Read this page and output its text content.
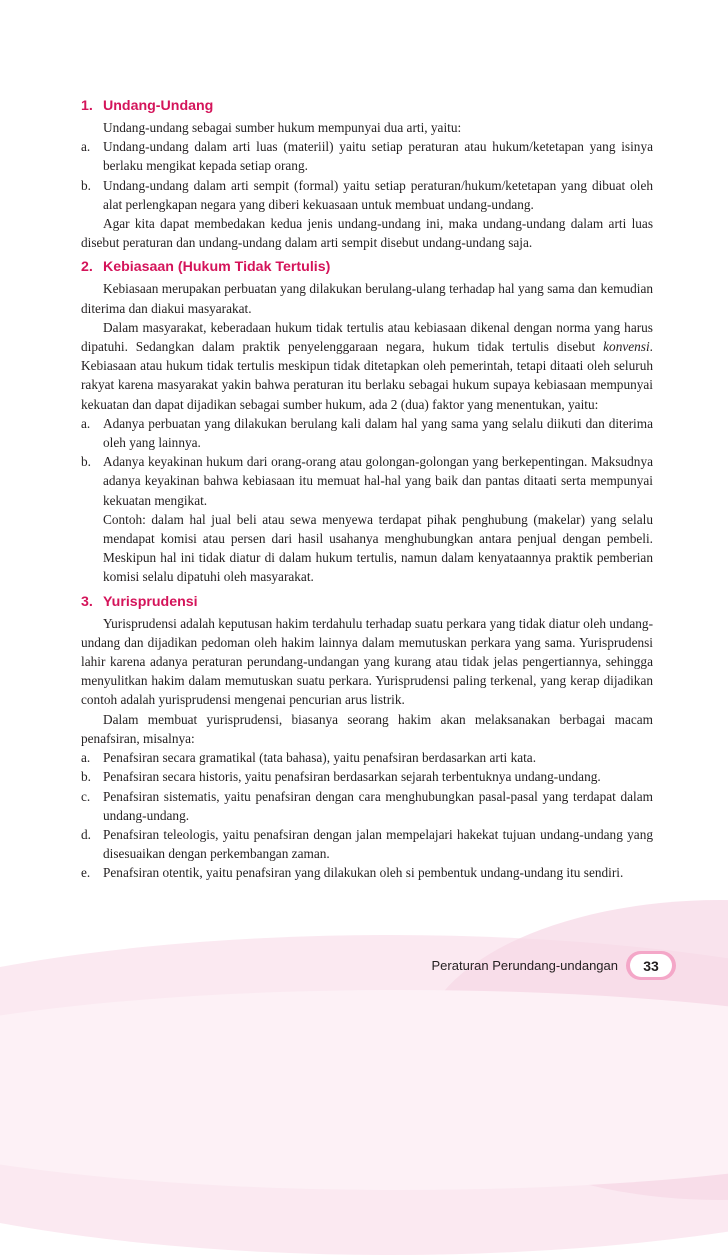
1. Undang-Undang

Undang-undang sebagai sumber hukum mempunyai dua arti, yaitu:

a. Undang-undang dalam arti luas (materiil) yaitu setiap peraturan atau hukum/ketetapan yang isinya berlaku mengikat kepada setiap orang.
b. Undang-undang dalam arti sempit (formal) yaitu setiap peraturan/hukum/ketetapan yang dibuat oleh alat perlengkapan negara yang diberi kekuasaan untuk membuat undang-undang.

Agar kita dapat membedakan kedua jenis undang-undang ini, maka undang-undang dalam arti luas disebut peraturan dan undang-undang dalam arti sempit disebut undang-undang saja.

2. Kebiasaan (Hukum Tidak Tertulis)

Kebiasaan merupakan perbuatan yang dilakukan berulang-ulang terhadap hal yang sama dan kemudian diterima dan diakui masyarakat.

Dalam masyarakat, keberadaan hukum tidak tertulis atau kebiasaan dikenal dengan norma yang harus dipatuhi. Sedangkan dalam praktik penyelenggaraan negara, hukum tidak tertulis disebut konvensi. Kebiasaan atau hukum tidak tertulis meskipun tidak ditetapkan oleh pemerintah, tetapi ditaati oleh seluruh rakyat karena masyarakat yakin bahwa peraturan itu berlaku sebagai hukum supaya kebiasaan mempunyai kekuatan dan dapat dijadikan sebagai sumber hukum, ada 2 (dua) faktor yang menentukan, yaitu:

a. Adanya perbuatan yang dilakukan berulang kali dalam hal yang sama yang selalu diikuti dan diterima oleh yang lainnya.
b. Adanya keyakinan hukum dari orang-orang atau golongan-golongan yang berkepentingan. Maksudnya adanya keyakinan bahwa kebiasaan itu memuat hal-hal yang baik dan pantas ditaati serta mempunyai kekuatan mengikat.

Contoh: dalam hal jual beli atau sewa menyewa terdapat pihak penghubung (makelar) yang selalu mendapat komisi atau persen dari hasil usahanya menghubungkan antara penjual dengan pembeli. Meskipun hal ini tidak diatur di dalam hukum tertulis, namun dalam kenyataannya praktik pemberian komisi selalu dipatuhi oleh masyarakat.

3. Yurisprudensi

Yurisprudensi adalah keputusan hakim terdahulu terhadap suatu perkara yang tidak diatur oleh undang-undang dan dijadikan pedoman oleh hakim lainnya dalam memutuskan perkara yang sama. Yurisprudensi lahir karena adanya peraturan perundang-undangan yang kurang atau tidak jelas pengertiannya, sehingga menyulitkan hakim dalam memutuskan suatu perkara. Yurisprudensi paling terkenal, yang kerap dijadikan contoh adalah yurisprudensi mengenai pencurian arus listrik.

Dalam membuat yurisprudensi, biasanya seorang hakim akan melaksanakan berbagai macam penafsiran, misalnya:

a. Penafsiran secara gramatikal (tata bahasa), yaitu penafsiran berdasarkan arti kata.
b. Penafsiran secara historis, yaitu penafsiran berdasarkan sejarah terbentuknya undang-undang.
c. Penafsiran sistematis, yaitu penafsiran dengan cara menghubungkan pasal-pasal yang terdapat dalam undang-undang.
d. Penafsiran teleologis, yaitu penafsiran dengan jalan mempelajari hakekat tujuan undang-undang yang disesuaikan dengan perkembangan zaman.
e. Penafsiran otentik, yaitu penafsiran yang dilakukan oleh si pembentuk undang-undang itu sendiri.
Peraturan Perundang-undangan	33
